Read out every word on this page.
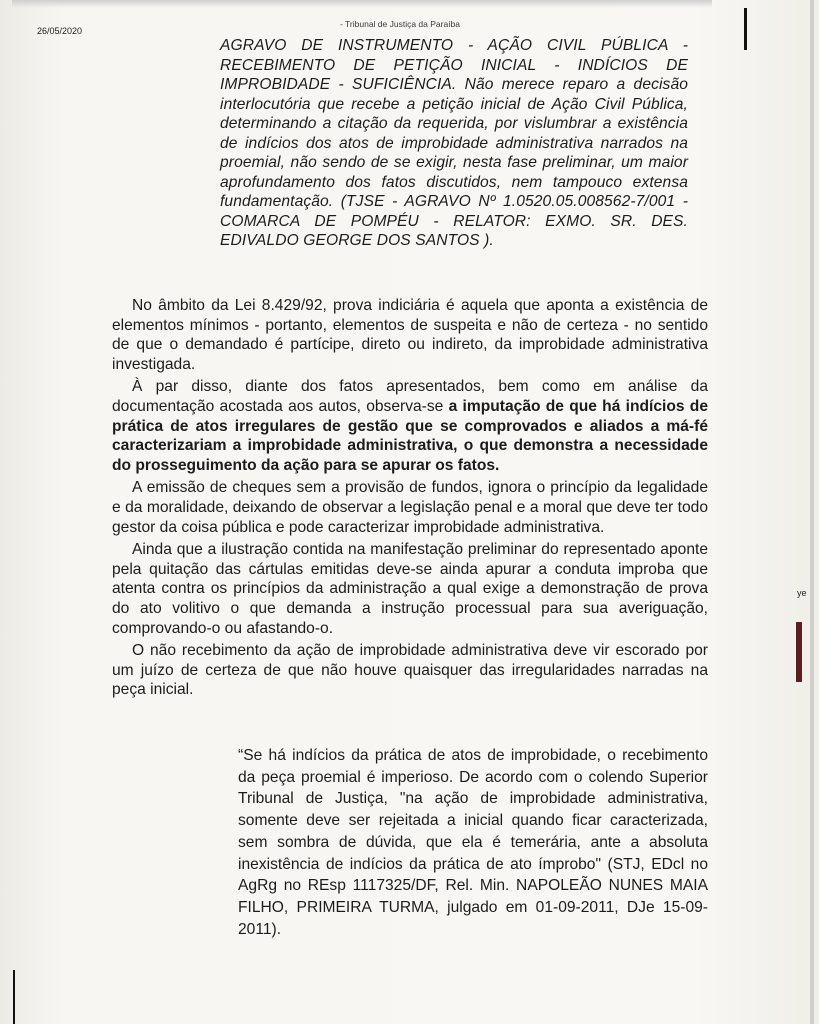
26/05/2020
- Tribunal de Justiça da Paraíba
AGRAVO DE INSTRUMENTO - AÇÃO CIVIL PÚBLICA - RECEBIMENTO DE PETIÇÃO INICIAL - INDÍCIOS DE IMPROBIDADE - SUFICIÊNCIA. Não merece reparo a decisão interlocutória que recebe a petição inicial de Ação Civil Pública, determinando a citação da requerida, por vislumbrar a existência de indícios dos atos de improbidade administrativa narrados na proemial, não sendo de se exigir, nesta fase preliminar, um maior aprofundamento dos fatos discutidos, nem tampouco extensa fundamentação. (TJSE - AGRAVO Nº 1.0520.05.008562-7/001 - COMARCA DE POMPÉU - RELATOR: EXMO. SR. DES. EDIVALDO GEORGE DOS SANTOS ).

No âmbito da Lei 8.429/92, prova indiciária é aquela que aponta a existência de elementos mínimos - portanto, elementos de suspeita e não de certeza - no sentido de que o demandado é partícipe, direto ou indireto, da improbidade administrativa investigada.

À par disso, diante dos fatos apresentados, bem como em análise da documentação acostada aos autos, observa-se a imputação de que há indícios de prática de atos irregulares de gestão que se comprovados e aliados a má-fé caracterizariam a improbidade administrativa, o que demonstra a necessidade do prosseguimento da ação para se apurar os fatos.

A emissão de cheques sem a provisão de fundos, ignora o princípio da legalidade e da moralidade, deixando de observar a legislação penal e a moral que deve ter todo gestor da coisa pública e pode caracterizar improbidade administrativa.

Ainda que a ilustração contida na manifestação preliminar do representado aponte pela quitação das cártulas emitidas deve-se ainda apurar a conduta improba que atenta contra os princípios da administração a qual exige a demonstração de prova do ato volitivo o que demanda a instrução processual para sua averiguação, comprovando-o ou afastando-o.

O não recebimento da ação de improbidade administrativa deve vir escorado por um juízo de certeza de que não houve quaisquer das irregularidades narradas na peça inicial.

“Se há indícios da prática de atos de improbidade, o recebimento da peça proemial é imperioso. De acordo com o colendo Superior Tribunal de Justiça, "na ação de improbidade administrativa, somente deve ser rejeitada a inicial quando ficar caracterizada, sem sombra de dúvida, que ela é temerária, ante a absoluta inexistência de indícios da prática de ato ímprobo" (STJ, EDcl no AgRg no REsp 1117325/DF, Rel. Min. NAPOLEÃO NUNES MAIA FILHO, PRIMEIRA TURMA, julgado em 01-09-2011, DJe 15-09-2011).

ye
